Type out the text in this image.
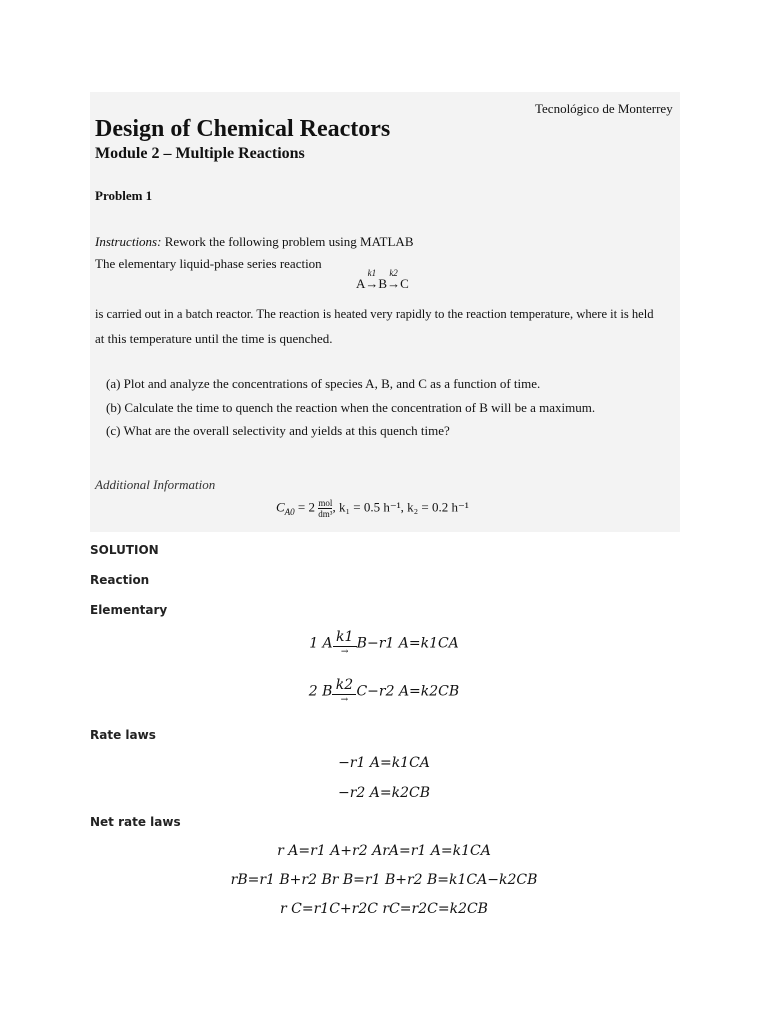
Tecnológico de Monterrey
Design of Chemical Reactors
Module 2 – Multiple Reactions
Problem 1
Instructions: Rework the following problem using MATLAB
The elementary liquid-phase series reaction
A
k1
→B
k2
→C
is carried out in a batch reactor. The reaction is heated very rapidly to the reaction temperature, where it is held
at this temperature until the time is quenched.
(a) Plot and analyze the concentrations of species A, B, and C as a function of time.
(b) Calculate the time to quench the reaction when the concentration of B will be a maximum.
(c) What are the overall selectivity and yields at this quench time?
Additional Information
$C_{A0} = 2 \frac{\text{mol}}{\text{dm³}}$ , k₁ = 0.5 h⁻¹, k₂ = 0.2 h⁻¹
SOLUTION
Reaction
Elementary
1 A $\frac{k1}{\to} B-r1$ A=k1CA
2 B $\frac{k2}{\to} C-r2$ A=k2CB
Rate laws
−r1 A=k1CA
−r2 A=k2CB
Net rate laws
r A=r1 A+r2 ArA=r1 A=k1CA
rB=r1 B+r2 Br B=r1 B+r2 B=k1CA−k2CB
r C=r1C+r2C rC=r2C=k2CB
